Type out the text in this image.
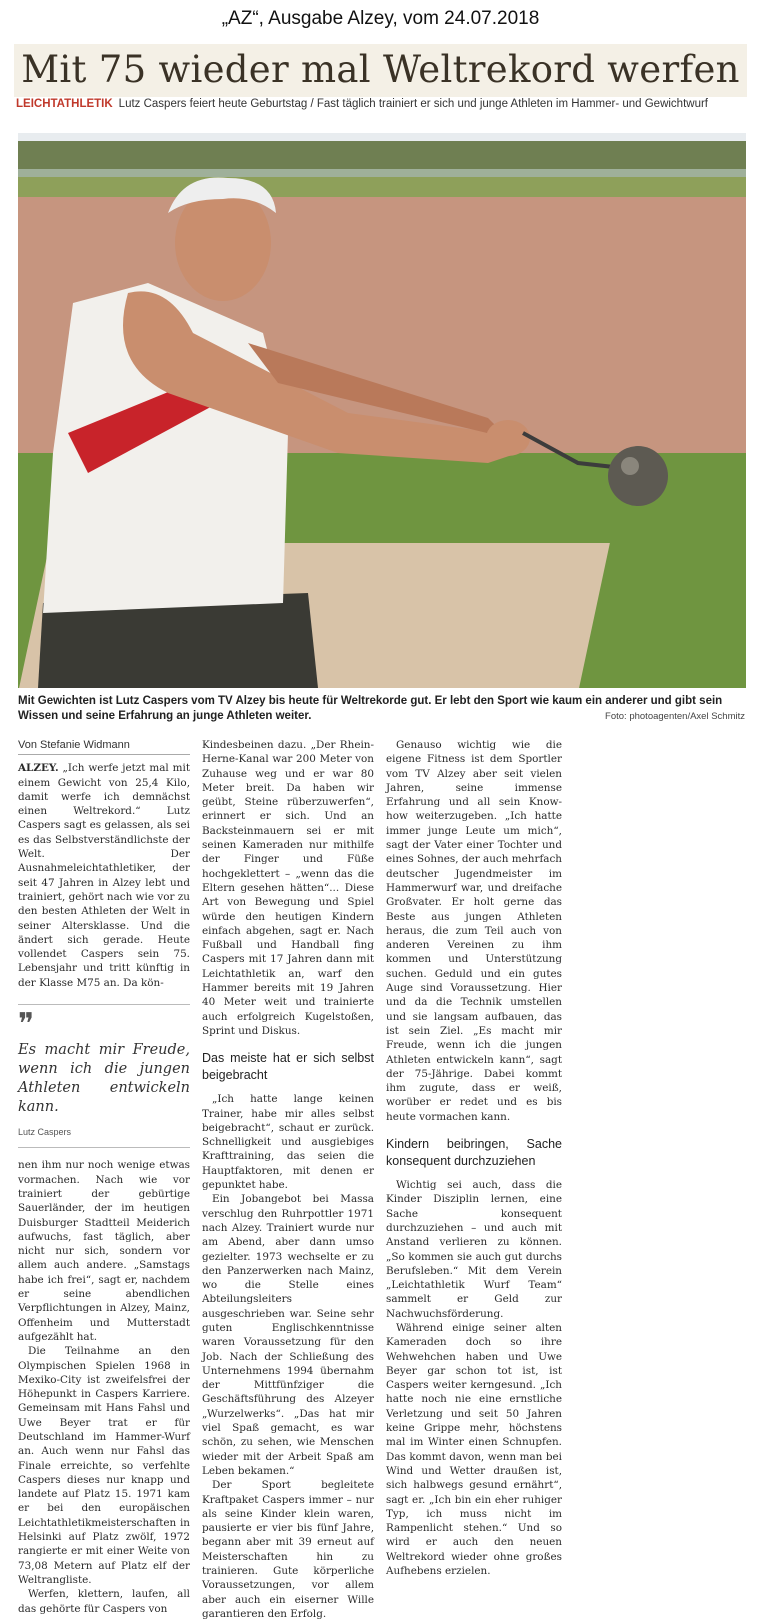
„AZ“, Ausgabe Alzey, vom 24.07.2018
Mit 75 wieder mal Weltrekord werfen
LEICHTATHLETIK Lutz Caspers feiert heute Geburtstag / Fast täglich trainiert er sich und junge Athleten im Hammer- und Gewichtwurf
Mit Gewichten ist Lutz Caspers vom TV Alzey bis heute für Weltrekorde gut. Er lebt den Sport wie kaum ein anderer und gibt sein Wissen und seine Erfahrung an junge Athleten weiter.	Foto: photoagenten/Axel Schmitz
Von Stefanie Widmann

ALZEY. „Ich werfe jetzt mal mit einem Gewicht von 25,4 Kilo, damit werfe ich demnächst einen Weltrekord.“ Lutz Caspers sagt es gelassen, als sei es das Selbstverständlichste der Welt. Der Ausnahmeleichtathletiker, der seit 47 Jahren in Alzey lebt und trainiert, gehört nach wie vor zu den besten Athleten der Welt in seiner Altersklasse. Und die ändert sich gerade. Heute vollendet Caspers sein 75. Lebensjahr und tritt künftig in der Klasse M75 an. Da kön-

❞
Es macht mir Freude, wenn ich die jungen Athleten entwickeln kann.
Lutz Caspers

nen ihm nur noch wenige etwas vormachen. Nach wie vor trainiert der gebürtige Sauerländer, der im heutigen Duisburger Stadtteil Meiderich aufwuchs, fast täglich, aber nicht nur sich, sondern vor allem auch andere. „Samstags habe ich frei“, sagt er, nachdem er seine abendlichen Verpflichtungen in Alzey, Mainz, Offenheim und Mutterstadt aufgezählt hat.

Die Teilnahme an den Olympischen Spielen 1968 in Mexiko-City ist zweifelsfrei der Höhepunkt in Caspers Karriere. Gemeinsam mit Hans Fahsl und Uwe Beyer trat er für Deutschland im Hammer-Wurf an. Auch wenn nur Fahsl das Finale erreichte, so verfehlte Caspers dieses nur knapp und landete auf Platz 15. 1971 kam er bei den europäischen Leichtathletikmeisterschaften in Helsinki auf Platz zwölf, 1972 rangierte er mit einer Weite von 73,08 Metern auf Platz elf der Weltrangliste.

Werfen, klettern, laufen, all das gehörte für Caspers von

Kindesbeinen dazu. „Der Rhein-Herne-Kanal war 200 Meter von Zuhause weg und er war 80 Meter breit. Da haben wir geübt, Steine rüberzuwerfen“, erinnert er sich. Und an Backsteinmauern sei er mit seinen Kameraden nur mithilfe der Finger und Füße hochgeklettert – „wenn das die Eltern gesehen hätten“... Diese Art von Bewegung und Spiel würde den heutigen Kindern einfach abgehen, sagt er. Nach Fußball und Handball fing Caspers mit 17 Jahren dann mit Leichtathletik an, warf den Hammer bereits mit 19 Jahren 40 Meter weit und trainierte auch erfolgreich Kugelstoßen, Sprint und Diskus.

Das meiste hat er sich selbst beigebracht

„Ich hatte lange keinen Trainer, habe mir alles selbst beigebracht“, schaut er zurück. Schnelligkeit und ausgiebiges Krafttraining, das seien die Hauptfaktoren, mit denen er gepunktet habe.

Ein Jobangebot bei Massa verschlug den Ruhrpottler 1971 nach Alzey. Trainiert wurde nur am Abend, aber dann umso gezielter. 1973 wechselte er zu den Panzerwerken nach Mainz, wo die Stelle eines Abteilungsleiters ausgeschrieben war. Seine sehr guten Englischkenntnisse waren Voraussetzung für den Job. Nach der Schließung des Unternehmens 1994 übernahm der Mittfünfziger die Geschäftsführung des Alzeyer „Wurzelwerks“. „Das hat mir viel Spaß gemacht, es war schön, zu sehen, wie Menschen wieder mit der Arbeit Spaß am Leben bekamen.“

Der Sport begleitete Kraftpaket Caspers immer – nur als seine Kinder klein waren, pausierte er vier bis fünf Jahre, begann aber mit 39 erneut auf Meisterschaften hin zu trainieren. Gute körperliche Voraussetzungen, vor allem aber auch ein eiserner Wille garantieren den Erfolg.

Genauso wichtig wie die eigene Fitness ist dem Sportler vom TV Alzey aber seit vielen Jahren, seine immense Erfahrung und all sein Know-how weiterzugeben. „Ich hatte immer junge Leute um mich“, sagt der Vater einer Tochter und eines Sohnes, der auch mehrfach deutscher Jugendmeister im Hammerwurf war, und dreifache Großvater. Er holt gerne das Beste aus jungen Athleten heraus, die zum Teil auch von anderen Vereinen zu ihm kommen und Unterstützung suchen. Geduld und ein gutes Auge sind Voraussetzung. Hier und da die Technik umstellen und sie langsam aufbauen, das ist sein Ziel. „Es macht mir Freude, wenn ich die jungen Athleten entwickeln kann“, sagt der 75-Jährige. Dabei kommt ihm zugute, dass er weiß, worüber er redet und es bis heute vormachen kann.

Kindern beibringen, Sache konsequent durchzuziehen

Wichtig sei auch, dass die Kinder Disziplin lernen, eine Sache konsequent durchzuziehen – und auch mit Anstand verlieren zu können. „So kommen sie auch gut durchs Berufsleben.“ Mit dem Verein „Leichtathletik Wurf Team“ sammelt er Geld zur Nachwuchsförderung.

Während einige seiner alten Kameraden doch so ihre Wehwehchen haben und Uwe Beyer gar schon tot ist, ist Caspers weiter kerngesund. „Ich hatte noch nie eine ernstliche Verletzung und seit 50 Jahren keine Grippe mehr, höchstens mal im Winter einen Schnupfen. Das kommt davon, wenn man bei Wind und Wetter draußen ist, sich halbwegs gesund ernährt“, sagt er. „Ich bin ein eher ruhiger Typ, ich muss nicht im Rampenlicht stehen.“ Und so wird er auch den neuen Weltrekord wieder ohne großes Aufhebens erzielen.
